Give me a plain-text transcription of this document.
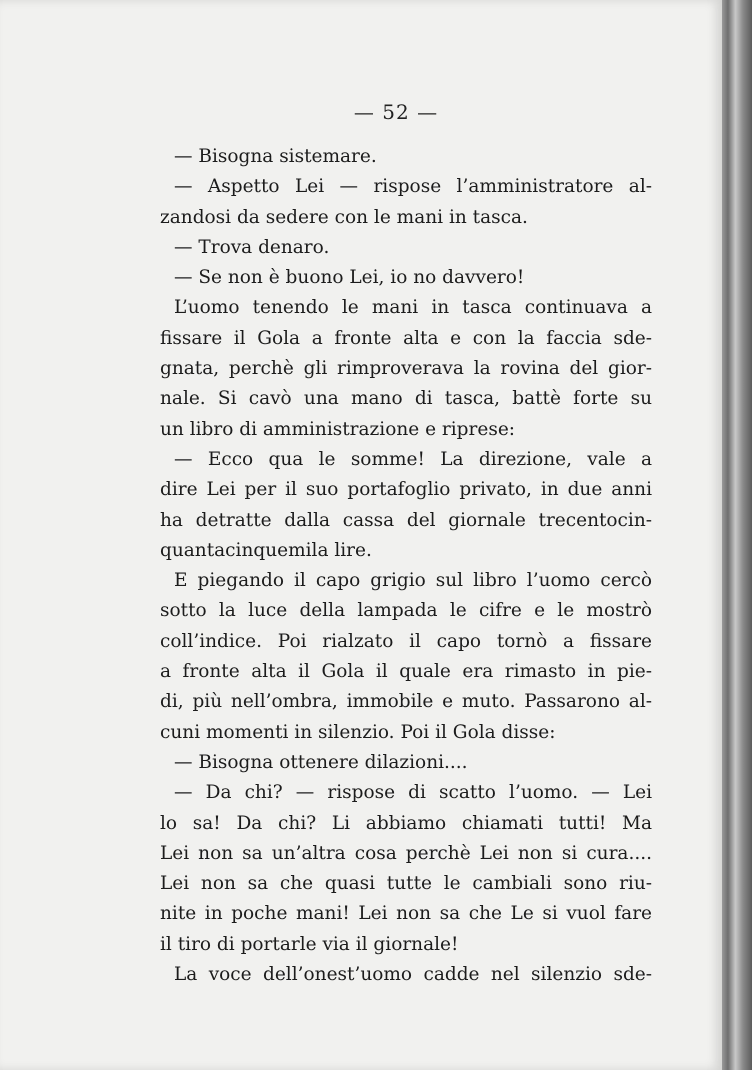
— 52 —

— Bisogna sistemare.

— Aspetto Lei — rispose l’amministratore al-
zandosi da sedere con le mani in tasca.

— Trova denaro.

— Se non è buono Lei, io no davvero!

L’uomo tenendo le mani in tasca continuava a
fissare il Gola a fronte alta e con la faccia sde-
gnata, perchè gli rimproverava la rovina del gior-
nale. Si cavò una mano di tasca, battè forte su
un libro di amministrazione e riprese:

— Ecco qua le somme! La direzione, vale a
dire Lei per il suo portafoglio privato, in due anni
ha detratte dalla cassa del giornale trecentocin-
quantacinquemila lire.

E piegando il capo grigio sul libro l’uomo cercò
sotto la luce della lampada le cifre e le mostrò
coll’indice. Poi rialzato il capo tornò a fissare
a fronte alta il Gola il quale era rimasto in pie-
di, più nell’ombra, immobile e muto. Passarono al-
cuni momenti in silenzio. Poi il Gola disse:

— Bisogna ottenere dilazioni....

— Da chi? — rispose di scatto l’uomo. — Lei
lo sa! Da chi? Li abbiamo chiamati tutti! Ma
Lei non sa un’altra cosa perchè Lei non si cura....
Lei non sa che quasi tutte le cambiali sono riu-
nite in poche mani! Lei non sa che Le si vuol fare
il tiro di portarle via il giornale!

La voce dell’onest’uomo cadde nel silenzio sde-
